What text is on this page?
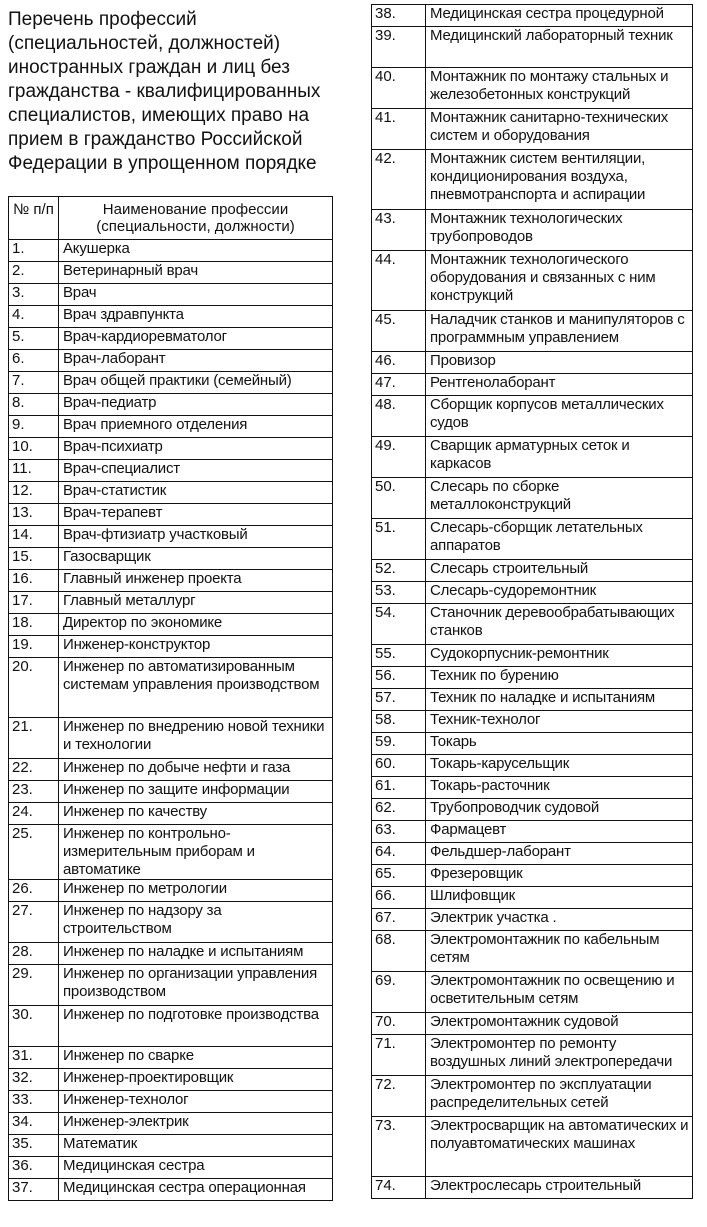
Перечень профессий (специальностей, должностей) иностранных граждан и лиц без гражданства - квалифицированных специалистов, имеющих право на прием в гражданство Российской Федерации в упрощенном порядке
№ п/п	Наименование профессии (специальности, должности)
1.	Акушерка
2.	Ветеринарный врач
3.	Врач
4.	Врач здравпункта
5.	Врач-кардиоревматолог
6.	Врач-лаборант
7.	Врач общей практики (семейный)
8.	Врач-педиатр
9.	Врач приемного отделения
10.	Врач-психиатр
11.	Врач-специалист
12.	Врач-статистик
13.	Врач-терапевт
14.	Врач-фтизиатр участковый
15.	Газосварщик
16.	Главный инженер проекта
17.	Главный металлург
18.	Директор по экономике
19.	Инженер-конструктор
20.	Инженер по автоматизированным системам управления производством
21.	Инженер по внедрению новой техники и технологии
22.	Инженер по добыче нефти и газа
23.	Инженер по защите информации
24.	Инженер по качеству
25.	Инженер по контрольно-измерительным приборам и автоматике
26.	Инженер по метрологии
27.	Инженер по надзору за строительством
28.	Инженер по наладке и испытаниям
29.	Инженер по организации управления производством
30.	Инженер по подготовке производства
31.	Инженер по сварке
32.	Инженер-проектировщик
33.	Инженер-технолог
34.	Инженер-электрик
35.	Математик
36.	Медицинская сестра
37.	Медицинская сестра операционная
38.	Медицинская сестра процедурной
39.	Медицинский лабораторный техник
40.	Монтажник по монтажу стальных и железобетонных конструкций
41.	Монтажник санитарно-технических систем и оборудования
42.	Монтажник систем вентиляции, кондиционирования воздуха, пневмотранспорта и аспирации
43.	Монтажник технологических трубопроводов
44.	Монтажник технологического оборудования и связанных с ним конструкций
45.	Наладчик станков и манипуляторов с программным управлением
46.	Провизор
47.	Рентгенолаборант
48.	Сборщик корпусов металлических судов
49.	Сварщик арматурных сеток и каркасов
50.	Слесарь по сборке металлоконструкций
51.	Слесарь-сборщик летательных аппаратов
52.	Слесарь строительный
53.	Слесарь-судоремонтник
54.	Станочник деревообрабатывающих станков
55.	Судокорпусник-ремонтник
56.	Техник по бурению
57.	Техник по наладке и испытаниям
58.	Техник-технолог
59.	Токарь
60.	Токарь-карусельщик
61.	Токарь-расточник
62.	Трубопроводчик судовой
63.	Фармацевт
64.	Фельдшер-лаборант
65.	Фрезеровщик
66.	Шлифовщик
67.	Электрик участка .
68.	Электромонтажник по кабельным сетям
69.	Электромонтажник по освещению и осветительным сетям
70.	Электромонтажник судовой
71.	Электромонтер по ремонту воздушных линий электропередачи
72.	Электромонтер по эксплуатации распределительных сетей
73.	Электросварщик на автоматических и полуавтоматических машинах
74.	Электрослесарь строительный
